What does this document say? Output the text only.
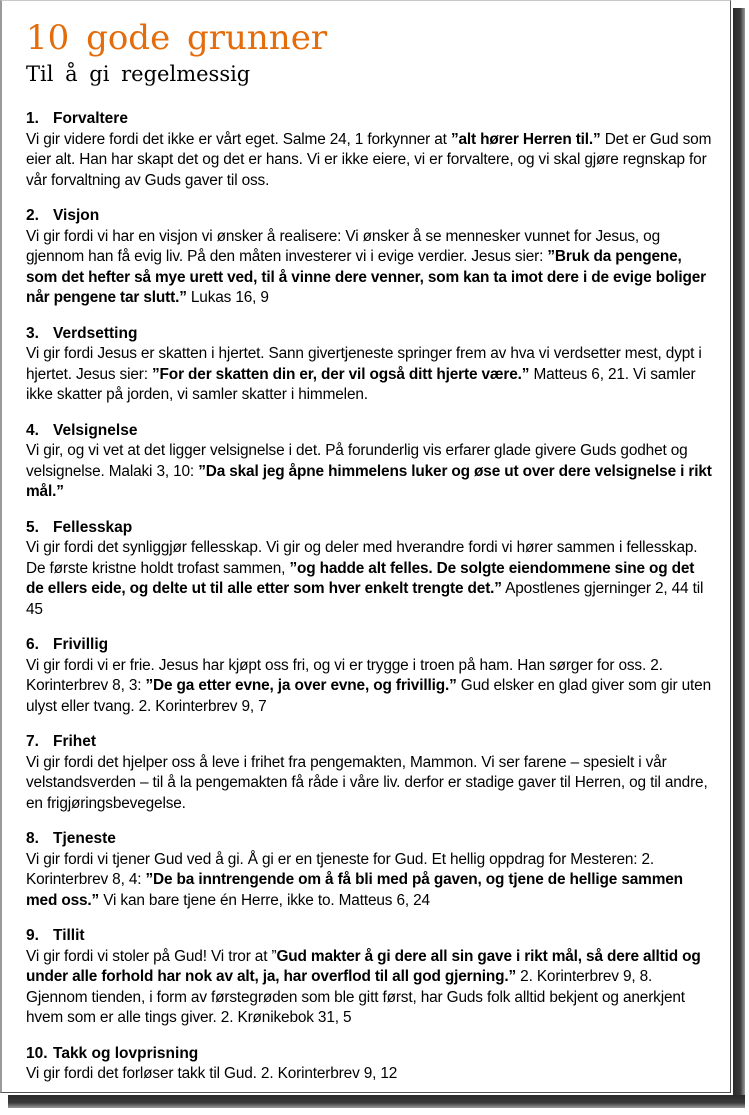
10 gode grunner
Til å gi regelmessig
1. Forvaltere
Vi gir videre fordi det ikke er vårt eget. Salme 24, 1 forkynner at ”alt hører Herren til.” Det er Gud som eier alt. Han har skapt det og det er hans. Vi er ikke eiere, vi er forvaltere, og vi skal gjøre regnskap for vår forvaltning av Guds gaver til oss.
2. Visjon
Vi gir fordi vi har en visjon vi ønsker å realisere: Vi ønsker å se mennesker vunnet for Jesus, og gjennom han få evig liv. På den måten investerer vi i evige verdier. Jesus sier: ”Bruk da pengene, som det hefter så mye urett ved, til å vinne dere venner, som kan ta imot dere i de evige boliger når pengene tar slutt.” Lukas 16, 9
3. Verdsetting
Vi gir fordi Jesus er skatten i hjertet. Sann givertjeneste springer frem av hva vi verdsetter mest, dypt i hjertet. Jesus sier: ”For der skatten din er, der vil også ditt hjerte være.” Matteus 6, 21. Vi samler ikke skatter på jorden, vi samler skatter i himmelen.
4. Velsignelse
Vi gir, og vi vet at det ligger velsignelse i det. På forunderlig vis erfarer glade givere Guds godhet og velsignelse. Malaki 3, 10: ”Da skal jeg åpne himmelens luker og øse ut over dere velsignelse i rikt mål.”
5. Fellesskap
Vi gir fordi det synliggjør fellesskap. Vi gir og deler med hverandre fordi vi hører sammen i fellesskap. De første kristne holdt trofast sammen, ”og hadde alt felles. De solgte eiendommene sine og det de ellers eide, og delte ut til alle etter som hver enkelt trengte det.” Apostlenes gjerninger 2, 44 til 45
6. Frivillig
Vi gir fordi vi er frie. Jesus har kjøpt oss fri, og vi er trygge i troen på ham. Han sørger for oss. 2. Korinterbrev 8, 3: ”De ga etter evne, ja over evne, og frivillig.” Gud elsker en glad giver som gir uten ulyst eller tvang. 2. Korinterbrev 9, 7
7. Frihet
Vi gir fordi det hjelper oss å leve i frihet fra pengemakten, Mammon. Vi ser farene – spesielt i vår velstandsverden – til å la pengemakten få råde i våre liv. derfor er stadige gaver til Herren, og til andre, en frigjøringsbevegelse.
8. Tjeneste
Vi gir fordi vi tjener Gud ved å gi. Å gi er en tjeneste for Gud. Et hellig oppdrag for Mesteren: 2. Korinterbrev 8, 4: ”De ba inntrengende om å få bli med på gaven, og tjene de hellige sammen med oss.” Vi kan bare tjene én Herre, ikke to. Matteus 6, 24
9. Tillit
Vi gir fordi vi stoler på Gud! Vi tror at ”Gud makter å gi dere all sin gave i rikt mål, så dere alltid og under alle forhold har nok av alt, ja, har overflod til all god gjerning.” 2. Korinterbrev 9, 8. Gjennom tienden, i form av førstegrøden som ble gitt først, har Guds folk alltid bekjent og anerkjent hvem som er alle tings giver. 2. Krønikebok 31, 5
10. Takk og lovprisning
Vi gir fordi det forløser takk til Gud. 2. Korinterbrev 9, 12
